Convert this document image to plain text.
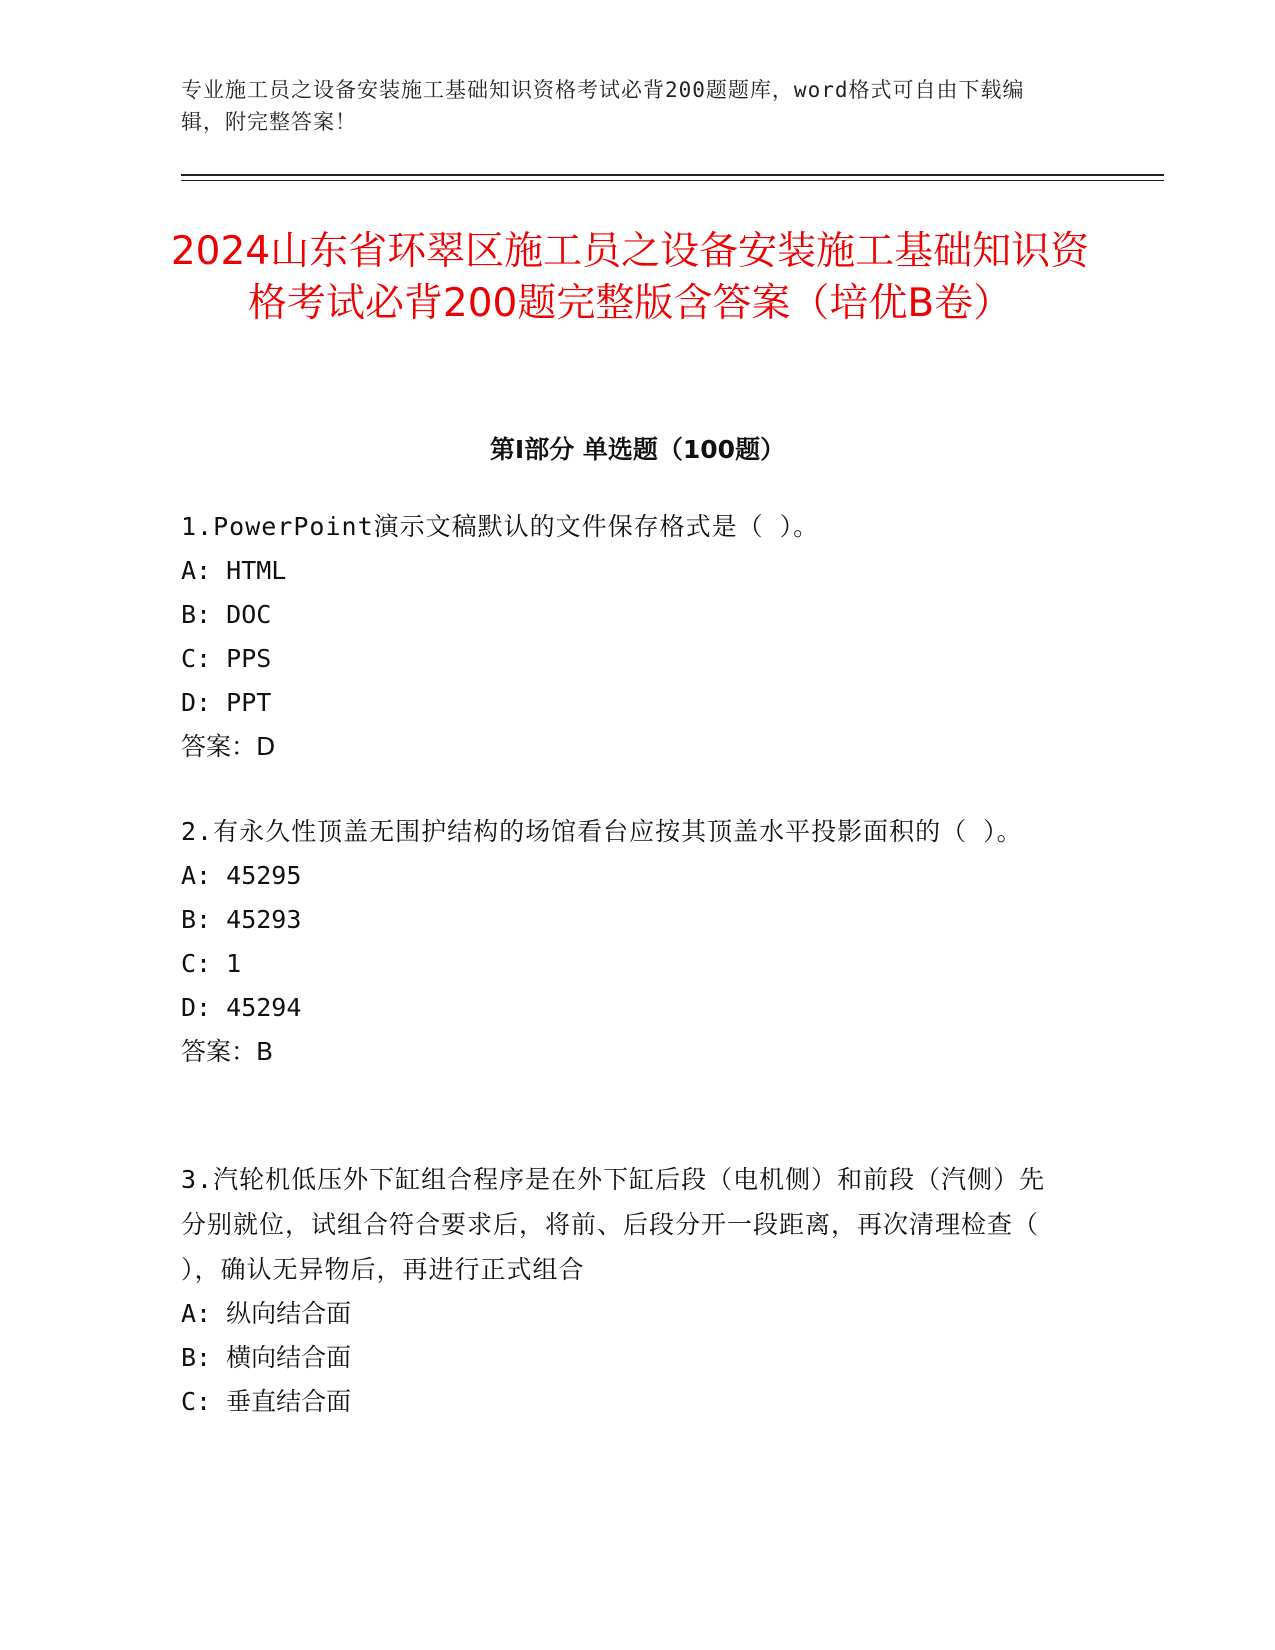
专业施工员之设备安装施工基础知识资格考试必背200题题库，word格式可自由下载编辑，附完整答案！
2024山东省环翠区施工员之设备安装施工基础知识资格考试必背200题完整版含答案（培优B卷）
第Ⅰ部分 单选题（100题）

1.PowerPoint演示文稿默认的文件保存格式是（ ）。

A: HTML

B: DOC

C: PPS

D: PPT

答案：D

2.有永久性顶盖无围护结构的场馆看台应按其顶盖水平投影面积的（ ）。

A: 45295

B: 45293

C: 1

D: 45294

答案：B

3.汽轮机低压外下缸组合程序是在外下缸后段（电机侧）和前段（汽侧）先分别就位，试组合符合要求后，将前、后段分开一段距离，再次清理检查（ ），确认无异物后，再进行正式组合

A: 纵向结合面

B: 横向结合面

C: 垂直结合面
